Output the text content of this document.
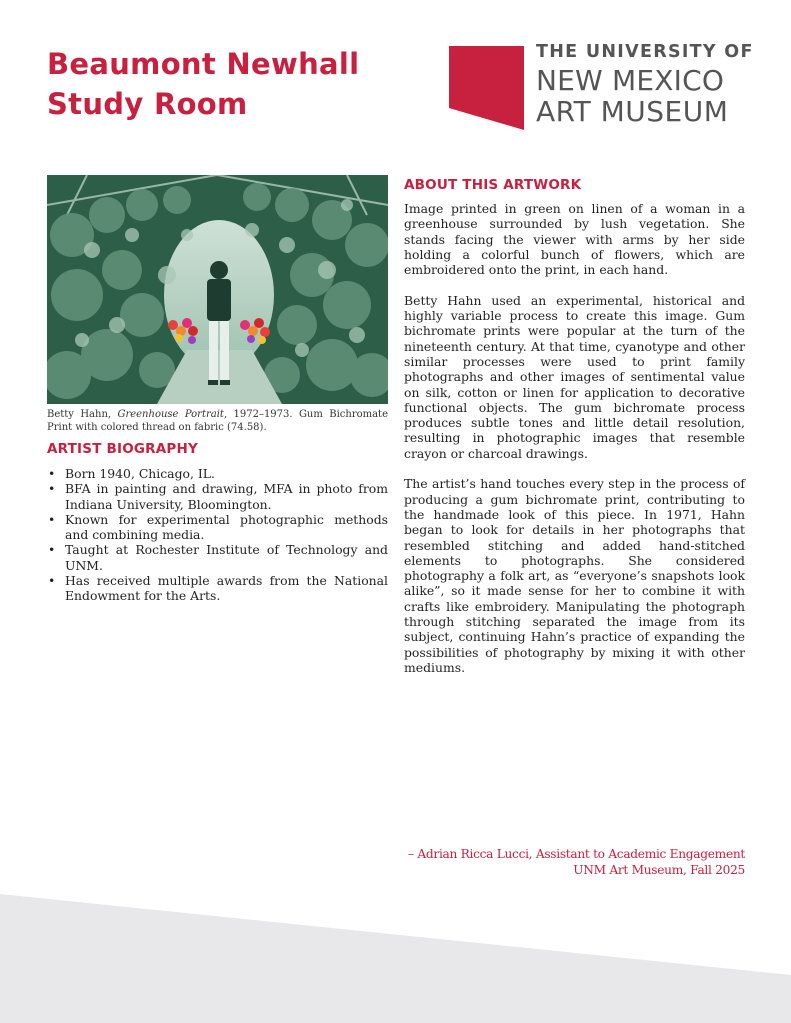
Beaumont Newhall
Study Room
THE UNIVERSITY OF
NEW MEXICO
ART MUSEUM

Betty Hahn, Greenhouse Portrait, 1972–1973. Gum Bichromate Print with colored thread on fabric (74.58).

ARTIST BIOGRAPHY
• Born 1940, Chicago, IL.
• BFA in painting and drawing, MFA in photo from Indiana University, Bloomington.
• Known for experimental photographic methods and combining media.
• Taught at Rochester Institute of Technology and UNM.
• Has received multiple awards from the National Endowment for the Arts.
ABOUT THIS ARTWORK

Image printed in green on linen of a woman in a greenhouse surrounded by lush vegetation. She stands facing the viewer with arms by her side holding a colorful bunch of flowers, which are embroidered onto the print, in each hand.

Betty Hahn used an experimental, historical and highly variable process to create this image. Gum bichromate prints were popular at the turn of the nineteenth century. At that time, cyanotype and other similar processes were used to print family photographs and other images of sentimental value on silk, cotton or linen for application to decorative functional objects. The gum bichromate process produces subtle tones and little detail resolution, resulting in photographic images that resemble crayon or charcoal drawings.

The artist’s hand touches every step in the process of producing a gum bichromate print, contributing to the handmade look of this piece. In 1971, Hahn began to look for details in her photographs that resembled stitching and added hand-stitched elements to photographs. She considered photography a folk art, as “everyone’s snapshots look alike”, so it made sense for her to combine it with crafts like embroidery. Manipulating the photograph through stitching separated the image from its subject, continuing Hahn’s practice of expanding the possibilities of photography by mixing it with other mediums.

– Adrian Ricca Lucci, Assistant to Academic Engagement
UNM Art Museum, Fall 2025
